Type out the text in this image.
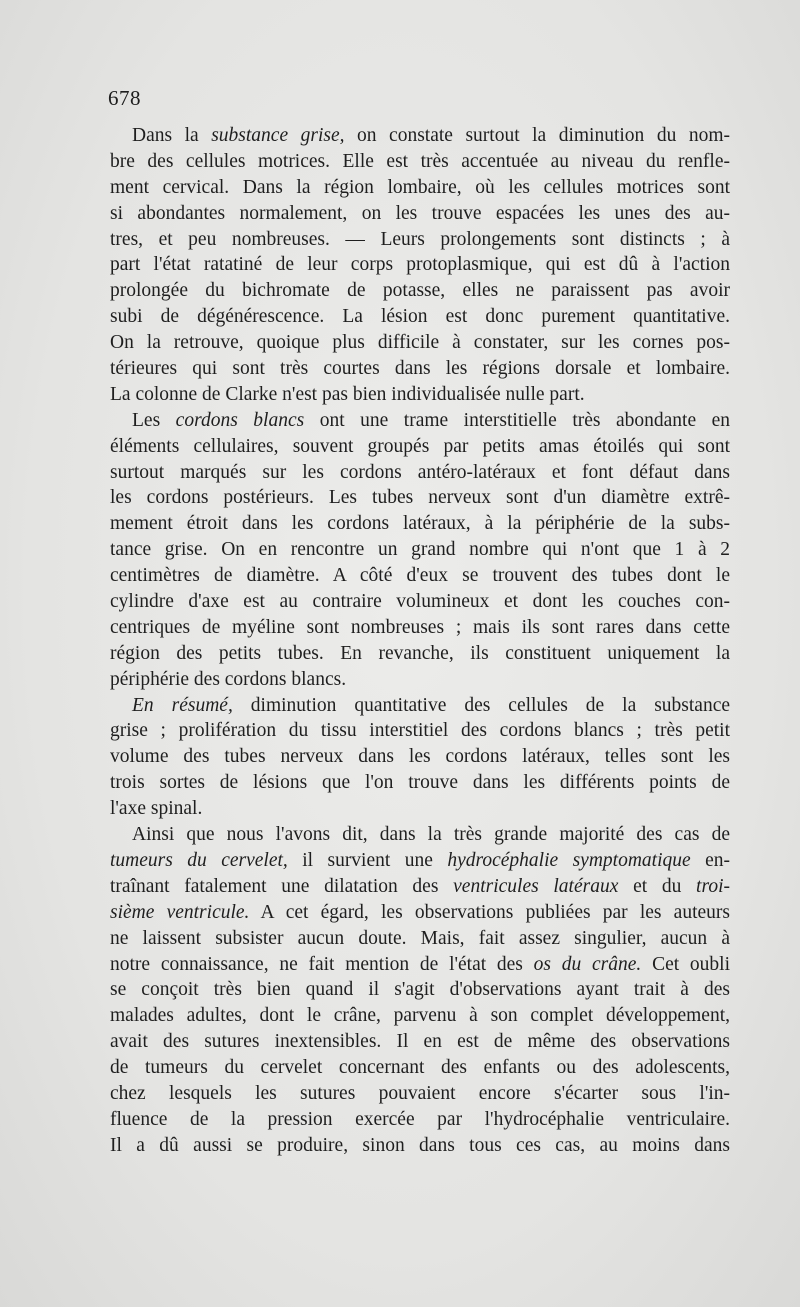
678
Dans la substance grise, on constate surtout la diminution du nom-
bre des cellules motrices. Elle est très accentuée au niveau du renfle-
ment cervical. Dans la région lombaire, où les cellules motrices sont
si abondantes normalement, on les trouve espacées les unes des au-
tres, et peu nombreuses. — Leurs prolongements sont distincts ; à
part l'état ratatiné de leur corps protoplasmique, qui est dû à l'action
prolongée du bichromate de potasse, elles ne paraissent pas avoir
subi de dégénérescence. La lésion est donc purement quantitative.
On la retrouve, quoique plus difficile à constater, sur les cornes pos-
térieures qui sont très courtes dans les régions dorsale et lombaire.
La colonne de Clarke n'est pas bien individualisée nulle part.
Les cordons blancs ont une trame interstitielle très abondante en
éléments cellulaires, souvent groupés par petits amas étoilés qui sont
surtout marqués sur les cordons antéro-latéraux et font défaut dans
les cordons postérieurs. Les tubes nerveux sont d'un diamètre extrê-
mement étroit dans les cordons latéraux, à la périphérie de la subs-
tance grise. On en rencontre un grand nombre qui n'ont que 1 à 2
centimètres de diamètre. A côté d'eux se trouvent des tubes dont le
cylindre d'axe est au contraire volumineux et dont les couches con-
centriques de myéline sont nombreuses ; mais ils sont rares dans cette
région des petits tubes. En revanche, ils constituent uniquement la
périphérie des cordons blancs.
En résumé, diminution quantitative des cellules de la substance
grise ; prolifération du tissu interstitiel des cordons blancs ; très petit
volume des tubes nerveux dans les cordons latéraux, telles sont les
trois sortes de lésions que l'on trouve dans les différents points de
l'axe spinal.
Ainsi que nous l'avons dit, dans la très grande majorité des cas de
tumeurs du cervelet, il survient une hydrocéphalie symptomatique en-
traînant fatalement une dilatation des ventricules latéraux et du troi-
sième ventricule. A cet égard, les observations publiées par les auteurs
ne laissent subsister aucun doute. Mais, fait assez singulier, aucun à
notre connaissance, ne fait mention de l'état des os du crâne. Cet oubli
se conçoit très bien quand il s'agit d'observations ayant trait à des
malades adultes, dont le crâne, parvenu à son complet développement,
avait des sutures inextensibles. Il en est de même des observations
de tumeurs du cervelet concernant des enfants ou des adolescents,
chez lesquels les sutures pouvaient encore s'écarter sous l'in-
fluence de la pression exercée par l'hydrocéphalie ventriculaire.
Il a dû aussi se produire, sinon dans tous ces cas, au moins dans
